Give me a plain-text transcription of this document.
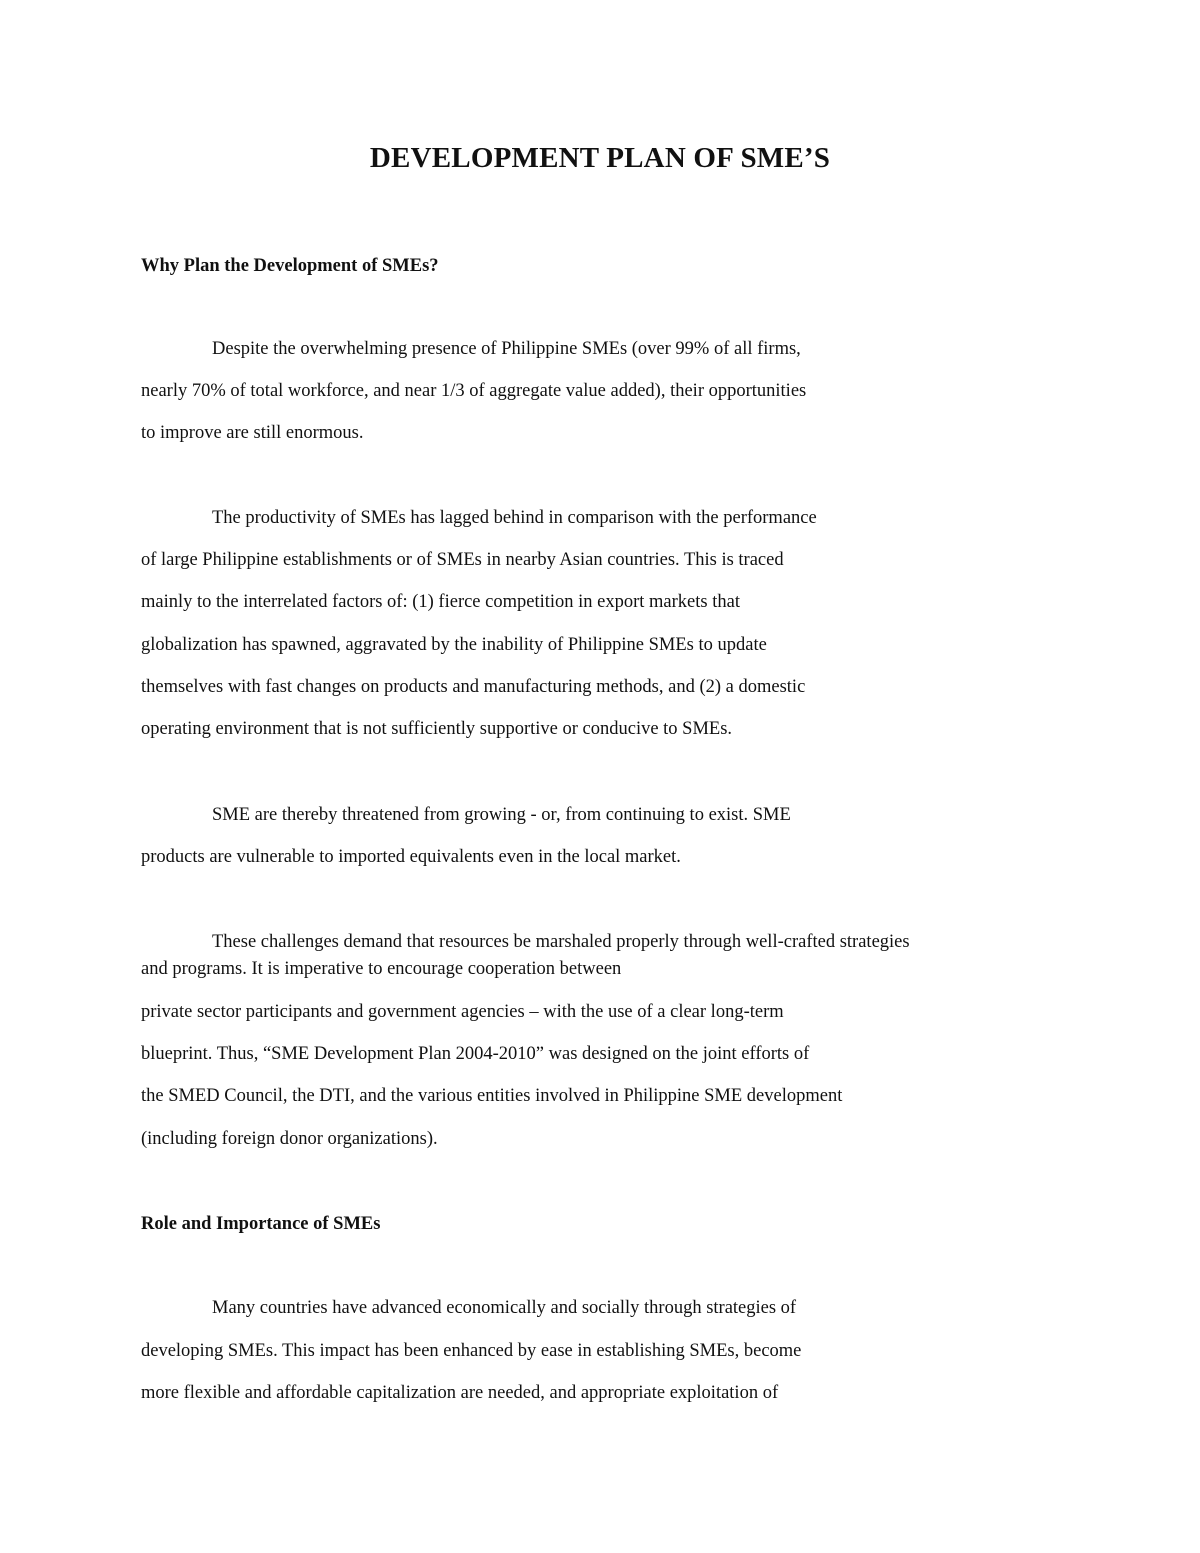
DEVELOPMENT PLAN OF SME’S
Why Plan the Development of SMEs?
Despite the overwhelming presence of Philippine SMEs (over 99% of all firms,
nearly 70% of total workforce, and near 1/3 of aggregate value added), their opportunities
to improve are still enormous.
The productivity of SMEs has lagged behind in comparison with the performance
of large Philippine establishments or of SMEs in nearby Asian countries. This is traced
mainly to the interrelated factors of: (1) fierce competition in export markets that
globalization has spawned, aggravated by the inability of Philippine SMEs to update
themselves with fast changes on products and manufacturing methods, and (2) a domestic
operating environment that is not sufficiently supportive or conducive to SMEs.
SME are thereby threatened from growing - or, from continuing to exist. SME
products are vulnerable to imported equivalents even in the local market.
These challenges demand that resources be marshaled properly through well-crafted strategies
and programs. It is imperative to encourage cooperation between
private sector participants and government agencies – with the use of a clear long-term
blueprint. Thus, “SME Development Plan 2004-2010” was designed on the joint efforts of
the SMED Council, the DTI, and the various entities involved in Philippine SME development
(including foreign donor organizations).
Role and Importance of SMEs
Many countries have advanced economically and socially through strategies of
developing SMEs. This impact has been enhanced by ease in establishing SMEs, become
more flexible and affordable capitalization are needed, and appropriate exploitation of
